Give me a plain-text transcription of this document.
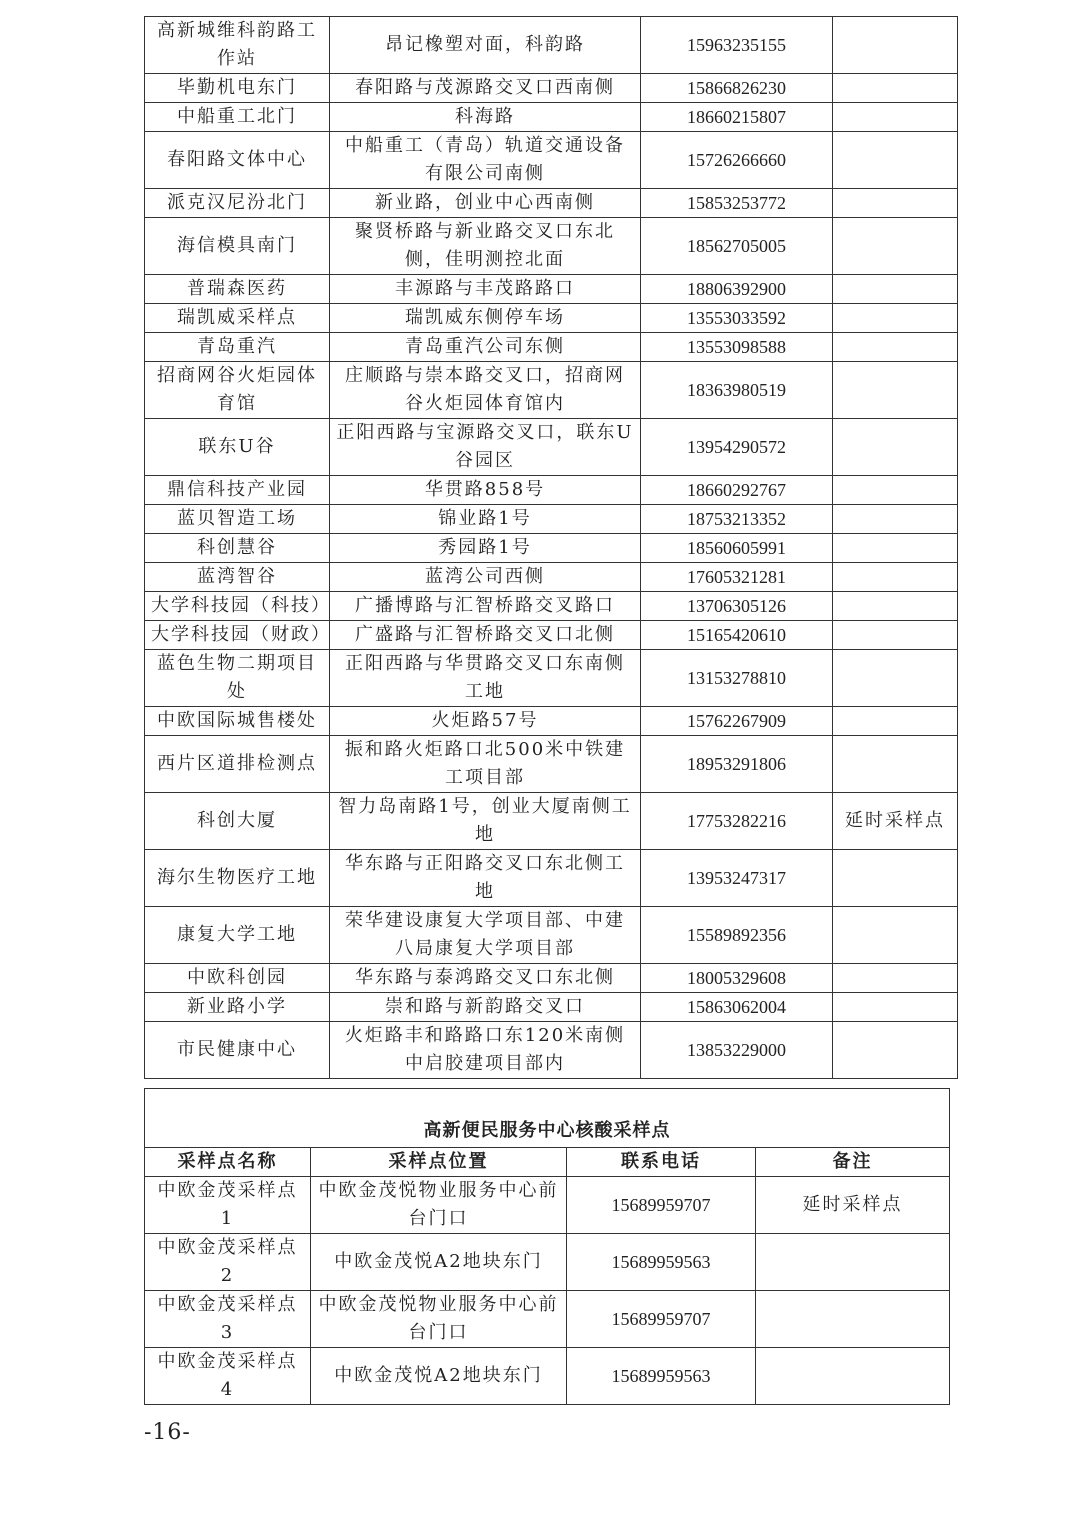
高新城维科韵路工作站	昂记橡塑对面，科韵路	15963235155	
毕勤机电东门	春阳路与茂源路交叉口西南侧	15866826230	
中船重工北门	科海路	18660215807	
春阳路文体中心	中船重工（青岛）轨道交通设备有限公司南侧	15726266660	
派克汉尼汾北门	新业路，创业中心西南侧	15853253772	
海信模具南门	聚贤桥路与新业路交叉口东北侧，佳明测控北面	18562705005	
普瑞森医药	丰源路与丰茂路路口	18806392900	
瑞凯威采样点	瑞凯威东侧停车场	13553033592	
青岛重汽	青岛重汽公司东侧	13553098588	
招商网谷火炬园体育馆	庄顺路与崇本路交叉口，招商网谷火炬园体育馆内	18363980519	
联东U谷	正阳西路与宝源路交叉口，联东U谷园区	13954290572	
鼎信科技产业园	华贯路858号	18660292767	
蓝贝智造工场	锦业路1号	18753213352	
科创慧谷	秀园路1号	18560605991	
蓝湾智谷	蓝湾公司西侧	17605321281	
大学科技园（科技）	广播博路与汇智桥路交叉路口	13706305126	
大学科技园（财政）	广盛路与汇智桥路交叉口北侧	15165420610	
蓝色生物二期项目处	正阳西路与华贯路交叉口东南侧工地	13153278810	
中欧国际城售楼处	火炬路57号	15762267909	
西片区道排检测点	振和路火炬路口北500米中铁建工项目部	18953291806	
科创大厦	智力岛南路1号，创业大厦南侧工地	17753282216	延时采样点
海尔生物医疗工地	华东路与正阳路交叉口东北侧工地	13953247317	
康复大学工地	荣华建设康复大学项目部、中建八局康复大学项目部	15589892356	
中欧科创园	华东路与泰鸿路交叉口东北侧	18005329608	
新业路小学	崇和路与新韵路交叉口	15863062004	
市民健康中心	火炬路丰和路路口东120米南侧中启胶建项目部内	13853229000	
高新便民服务中心核酸采样点			
采样点名称	采样点位置	联系电话	备注
中欧金茂采样点1	中欧金茂悦物业服务中心前台门口	15689959707	延时采样点
中欧金茂采样点2	中欧金茂悦A2地块东门	15689959563	
中欧金茂采样点3	中欧金茂悦物业服务中心前台门口	15689959707	
中欧金茂采样点4	中欧金茂悦A2地块东门	15689959563	
-16-
